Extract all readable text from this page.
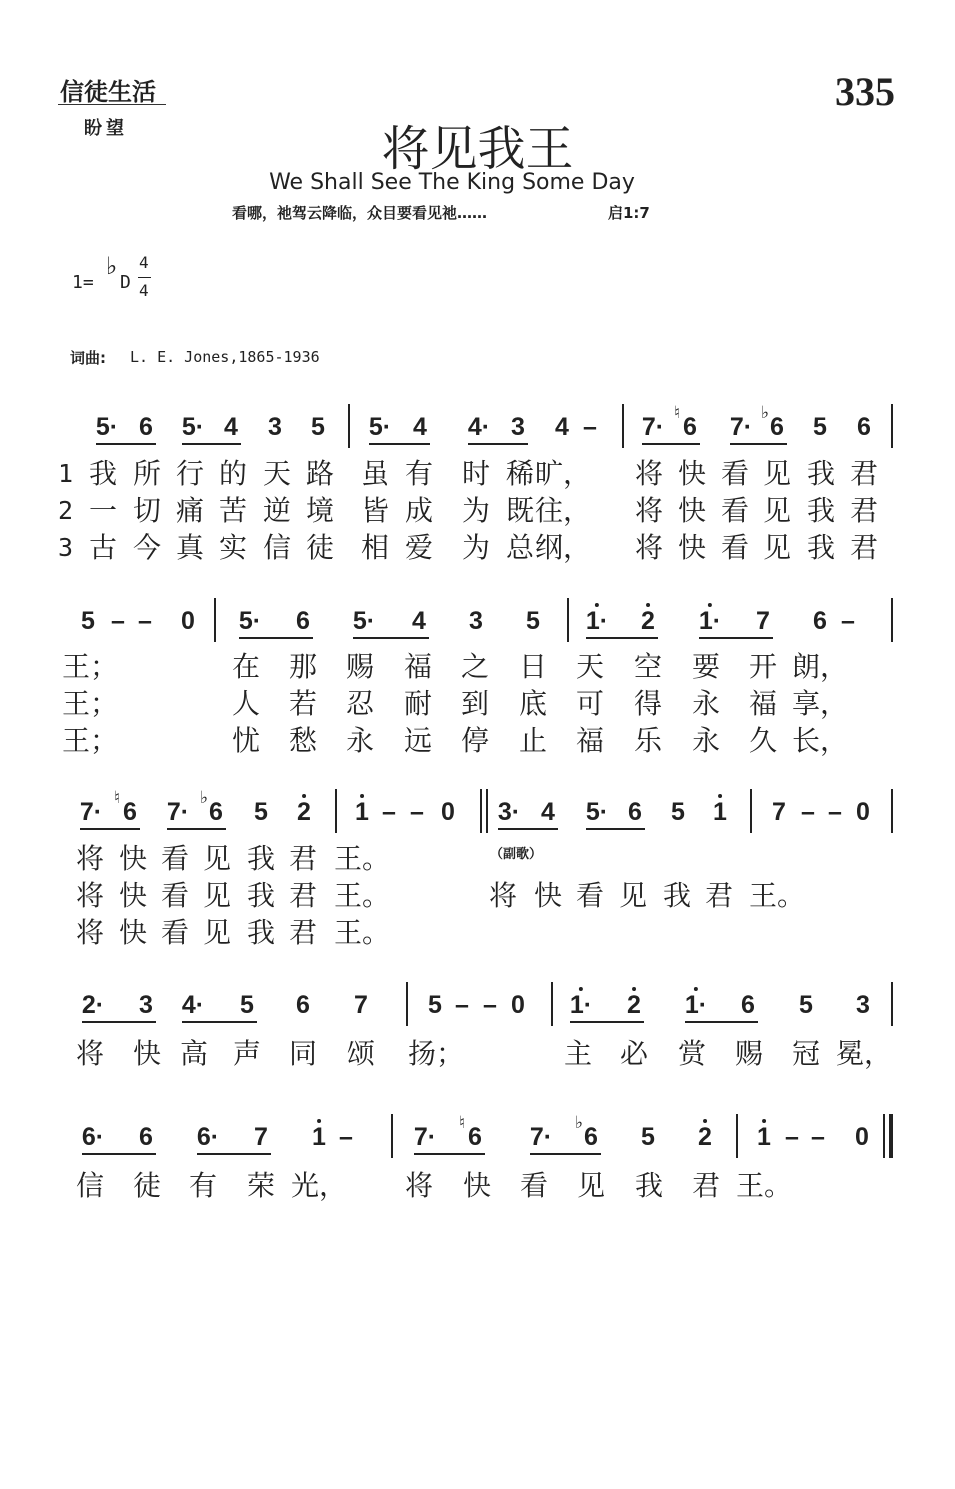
信徒生活
盼望
335
将见我王
We Shall See The King Some Day
看哪，祂驾云降临，众目要看见祂……	启1:7
1=
♭
D
4
4
词曲: L. E. Jones,1865-1936
5· 6 5· 4 3 5 5· 4 4· 3 4 – 7· 6
♮
7· 6
♭
5 6
1 我 所 行 的 天 路 虽 有 时 稀 旷， 将 快 看 见 我 君
2 一 切 痛 苦 逆 境 皆 成 为 既 往， 将 快 看 见 我 君
3 古 今 真 实 信 徒 相 爱 为 总 纲， 将 快 看 见 我 君
5 – – 0 5· 6 5· 4 3 5 1· 2 1· 7 6 –
王；	在 那 赐 福 之 日 天 空 要 开 朗，
王；	人 若 忍 耐 到 底 可 得 永 福 享，
王；	忧 愁 永 远 停 止 福 乐 永 久 长，
7· 6
♮
7· 6
♭
5 2 1 – – 0 3· 4 5· 6 5 1 7 – – 0
将 快 看 见 我 君 王。
将 快 看 见 我 君 王。
将 快 看 见 我 君 王。
将 快 看 见 我 君 王。
（副歌）
2· 3 4· 5 6 7 5 – – 0 1· 2 1· 6 5 3
将 快 高 声 同 颂 扬；	主 必 赏 赐 冠 冕，
6· 6 6· 7 1 – 7· 6
♮
7· 6
♭
5 2 1 – – 0
信 徒 有 荣 光， 将 快 看 见 我 君 王。
